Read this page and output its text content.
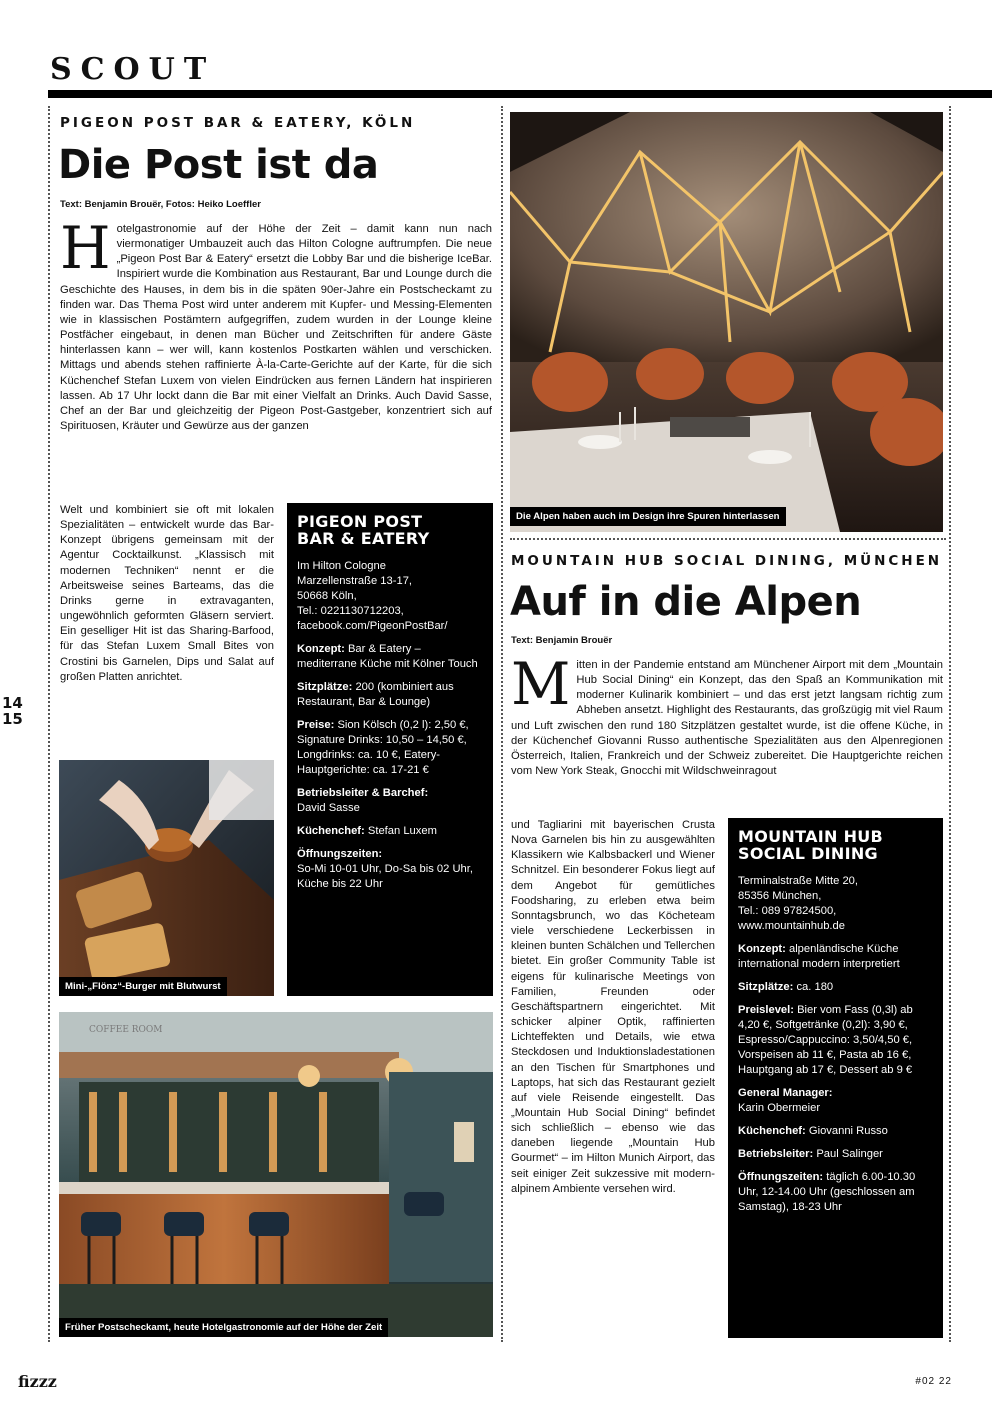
SCOUT
14
15
PIGEON POST BAR & EATERY, KÖLN
Die Post ist da
Text: Benjamin Brouër, Fotos: Heiko Loeffler

Hotelgastronomie auf der Höhe der Zeit – damit kann nun nach viermonatiger Umbauzeit auch das Hilton Cologne auftrumpfen. Die neue „Pigeon Post Bar & Eatery“ ersetzt die Lobby Bar und die bisherige IceBar. Inspiriert wurde die Kombination aus Restaurant, Bar und Lounge durch die Geschichte des Hauses, in dem bis in die späten 90er-Jahre ein Postscheckamt zu finden war. Das Thema Post wird unter anderem mit Kupfer- und Messing-Elementen wie in klassischen Postämtern aufgegriffen, zudem wurden in der Lounge kleine Postfächer eingebaut, in denen man Bücher und Zeitschriften für andere Gäste hinterlassen kann – wer will, kann kostenlos Postkarten wählen und verschicken. Mittags und abends stehen raffinierte À-la-Carte-Gerichte auf der Karte, für die sich Küchenchef Stefan Luxem von vielen Eindrücken aus fernen Ländern hat inspirieren lassen. Ab 17 Uhr lockt dann die Bar mit einer Vielfalt an Drinks. Auch David Sasse, Chef an der Bar und gleichzeitig der Pigeon Post-Gastgeber, konzentriert sich auf Spirituosen, Kräuter und Gewürze aus der ganzen

Welt und kombiniert sie oft mit lokalen Spezialitäten – entwickelt wurde das Bar-Konzept übrigens gemeinsam mit der Agentur Cocktailkunst. „Klassisch mit modernen Techniken“ nennt er die Arbeitsweise seines Barteams, das die Drinks gerne in extravaganten, ungewöhnlich geformten Gläsern serviert. Ein geselliger Hit ist das Sharing-Barfood, für das Stefan Luxem Small Bites von Crostini bis Garnelen, Dips und Salat auf großen Platten anrichtet.

Mini-„Flönz“-Burger mit Blutwurst
PIGEON POST
BAR & EATERY

Im Hilton Cologne
Marzellenstraße 13-17,
50668 Köln,
Tel.: 0221130712203,
facebook.com/PigeonPostBar/

Konzept: Bar & Eatery – mediterrane Küche mit Kölner Touch

Sitzplätze: 200 (kombiniert aus Restaurant, Bar & Lounge)

Preise: Sion Kölsch (0,2 l): 2,50 €, Signature Drinks: 10,50 – 14,50 €, Longdrinks: ca. 10 €, Eatery-Hauptgerichte: ca. 17-21 €

Betriebsleiter & Barchef:
David Sasse

Küchenchef: Stefan Luxem

Öffnungszeiten:
So-Mi 10-01 Uhr, Do-Sa bis 02 Uhr, Küche bis 22 Uhr

COFFEE ROOM
Früher Postscheckamt, heute Hotelgastronomie auf der Höhe der Zeit
Die Alpen haben auch im Design ihre Spuren hinterlassen
MOUNTAIN HUB SOCIAL DINING, MÜNCHEN
Auf in die Alpen
Text: Benjamin Brouër

Mitten in der Pandemie entstand am Münchener Airport mit dem „Mountain Hub Social Dining“ ein Konzept, das den Spaß an Kommunikation mit moderner Kulinarik kombiniert – und das erst jetzt langsam richtig zum Abheben ansetzt. Highlight des Restaurants, das großzügig mit viel Raum und Luft zwischen den rund 180 Sitzplätzen gestaltet wurde, ist die offene Küche, in der Küchenchef Giovanni Russo authentische Spezialitäten aus den Alpenregionen Österreich, Italien, Frankreich und der Schweiz zubereitet. Die Hauptgerichte reichen vom New York Steak, Gnocchi mit Wildschweinragout

und Tagliarini mit bayerischen Crusta Nova Garnelen bis hin zu ausgewählten Klassikern wie Kalbsbackerl und Wiener Schnitzel. Ein besonderer Fokus liegt auf dem Angebot für gemütliches Foodsharing, zu erleben etwa beim Sonntagsbrunch, wo das Köcheteam viele verschiedene Leckerbissen in kleinen bunten Schälchen und Tellerchen bietet. Ein großer Community Table ist eigens für kulinarische Meetings von Familien, Freunden oder Geschäftspartnern eingerichtet. Mit schicker alpiner Optik, raffinierten Lichteffekten und Details, wie etwa Steckdosen und Induktionsladestationen an den Tischen für Smartphones und Laptops, hat sich das Restaurant gezielt auf viele Reisende eingestellt. Das „Mountain Hub Social Dining“ befindet sich schließlich – ebenso wie das daneben liegende „Mountain Hub Gourmet“ – im Hilton Munich Airport, das seit einiger Zeit sukzessive mit modern-alpinem Ambiente versehen wird.

MOUNTAIN HUB
SOCIAL DINING

Terminalstraße Mitte 20,
85356 München,
Tel.: 089 97824500,
www.mountainhub.de

Konzept: alpenländische Küche international modern interpretiert

Sitzplätze: ca. 180

Preislevel: Bier vom Fass (0,3l) ab 4,20 €, Softgetränke (0,2l): 3,90 €, Espresso/Cappuccino: 3,50/4,50 €, Vorspeisen ab 11 €, Pasta ab 16 €, Hauptgang ab 17 €, Dessert ab 9 €

General Manager:
Karin Obermeier

Küchenchef: Giovanni Russo

Betriebsleiter: Paul Salinger

Öffnungszeiten: täglich 6.00-10.30 Uhr, 12-14.00 Uhr (geschlossen am Samstag), 18-23 Uhr

fizzz	#02 22
